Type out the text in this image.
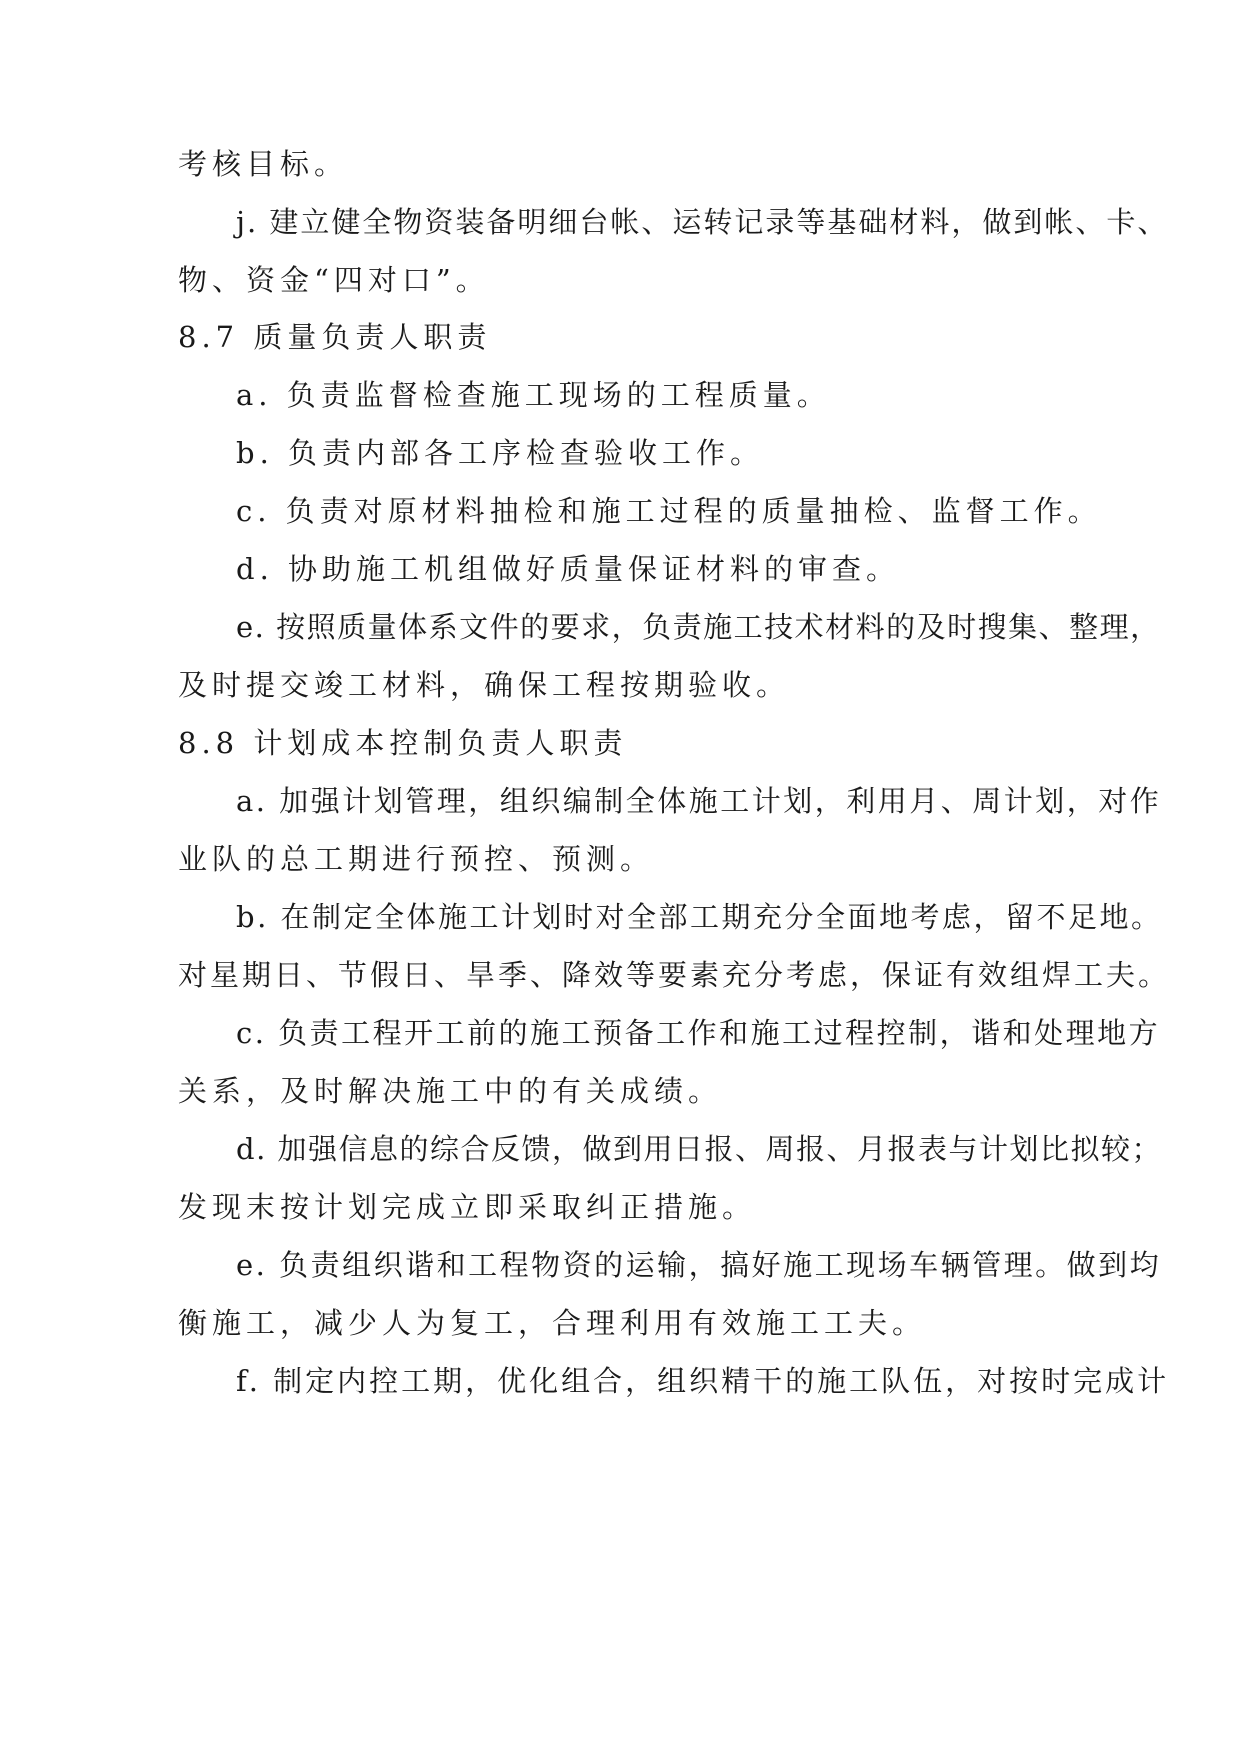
考核目标。
j. 建立健全物资装备明细台帐、运转记录等基础材料，做到帐、卡、
物、资金“四对口”。
8.7 质量负责人职责
a. 负责监督检查施工现场的工程质量。
b. 负责内部各工序检查验收工作。
c. 负责对原材料抽检和施工过程的质量抽检、监督工作。
d. 协助施工机组做好质量保证材料的审查。
e. 按照质量体系文件的要求，负责施工技术材料的及时搜集、整理，
及时提交竣工材料，确保工程按期验收。
8.8 计划成本控制负责人职责
a. 加强计划管理，组织编制全体施工计划，利用月、周计划，对作
业队的总工期进行预控、预测。
b. 在制定全体施工计划时对全部工期充分全面地考虑，留不足地。
对星期日、节假日、旱季、降效等要素充分考虑，保证有效组焊工夫。
c. 负责工程开工前的施工预备工作和施工过程控制，谐和处理地方
关系，及时解决施工中的有关成绩。
d. 加强信息的综合反馈，做到用日报、周报、月报表与计划比拟较；
发现末按计划完成立即采取纠正措施。
e. 负责组织谐和工程物资的运输，搞好施工现场车辆管理。做到均
衡施工，减少人为复工，合理利用有效施工工夫。
f. 制定内控工期，优化组合，组织精干的施工队伍，对按时完成计
